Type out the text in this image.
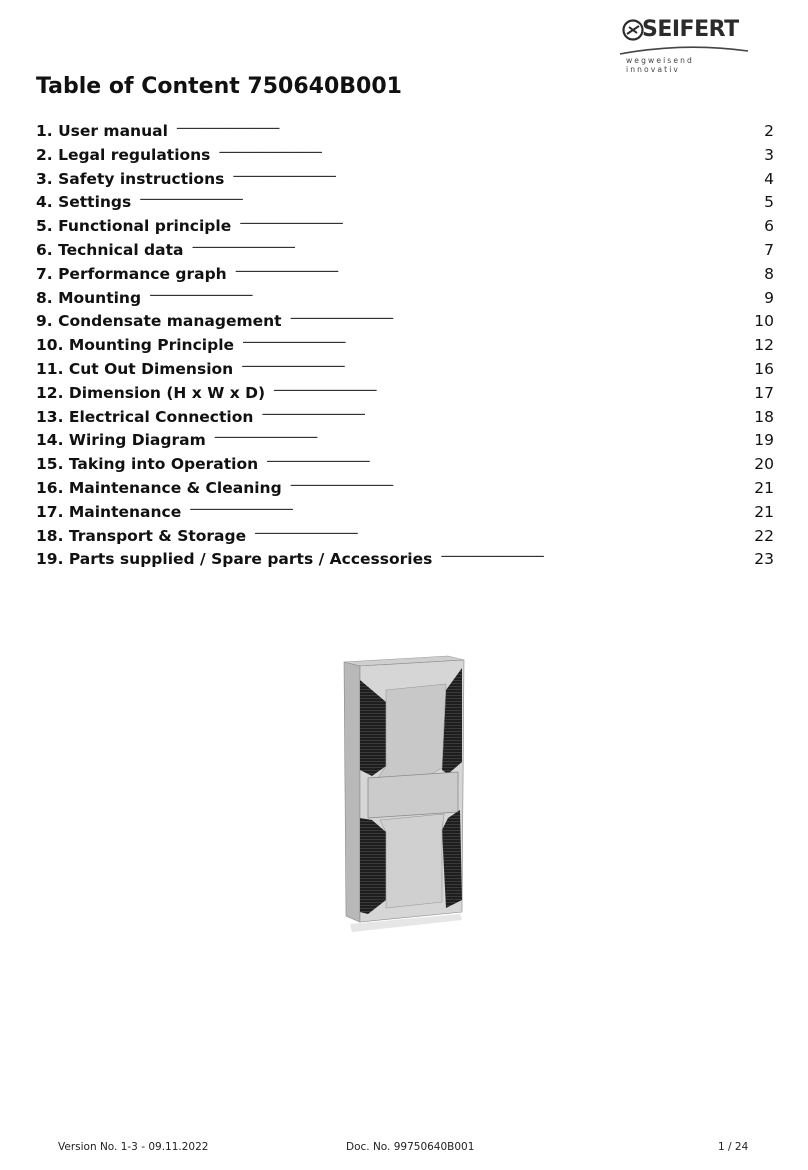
SEIFERT
wegweisend innovativ
Table of Content 750640B001
1. User manual . . .	2
2. Legal regulations . . .	3
3. Safety instructions . . .	4
4. Settings . . .	5
5. Functional principle . . .	6
6. Technical data . . .	7
7. Performance graph . . .	8
8. Mounting . . .	9
9. Condensate management . . .	10
10. Mounting Principle . . .	12
11. Cut Out Dimension . . .	16
12. Dimension (H x W x D) . . .	17
13. Electrical Connection . . .	18
14. Wiring Diagram . . .	19
15. Taking into Operation . . .	20
16. Maintenance & Cleaning . . .	21
17. Maintenance . . .	21
18. Transport & Storage . . .	22
19. Parts supplied / Spare parts / Accessories . . .	23
Version No. 1-3 - 09.11.2022	Doc. No. 99750640B001	1 / 24
